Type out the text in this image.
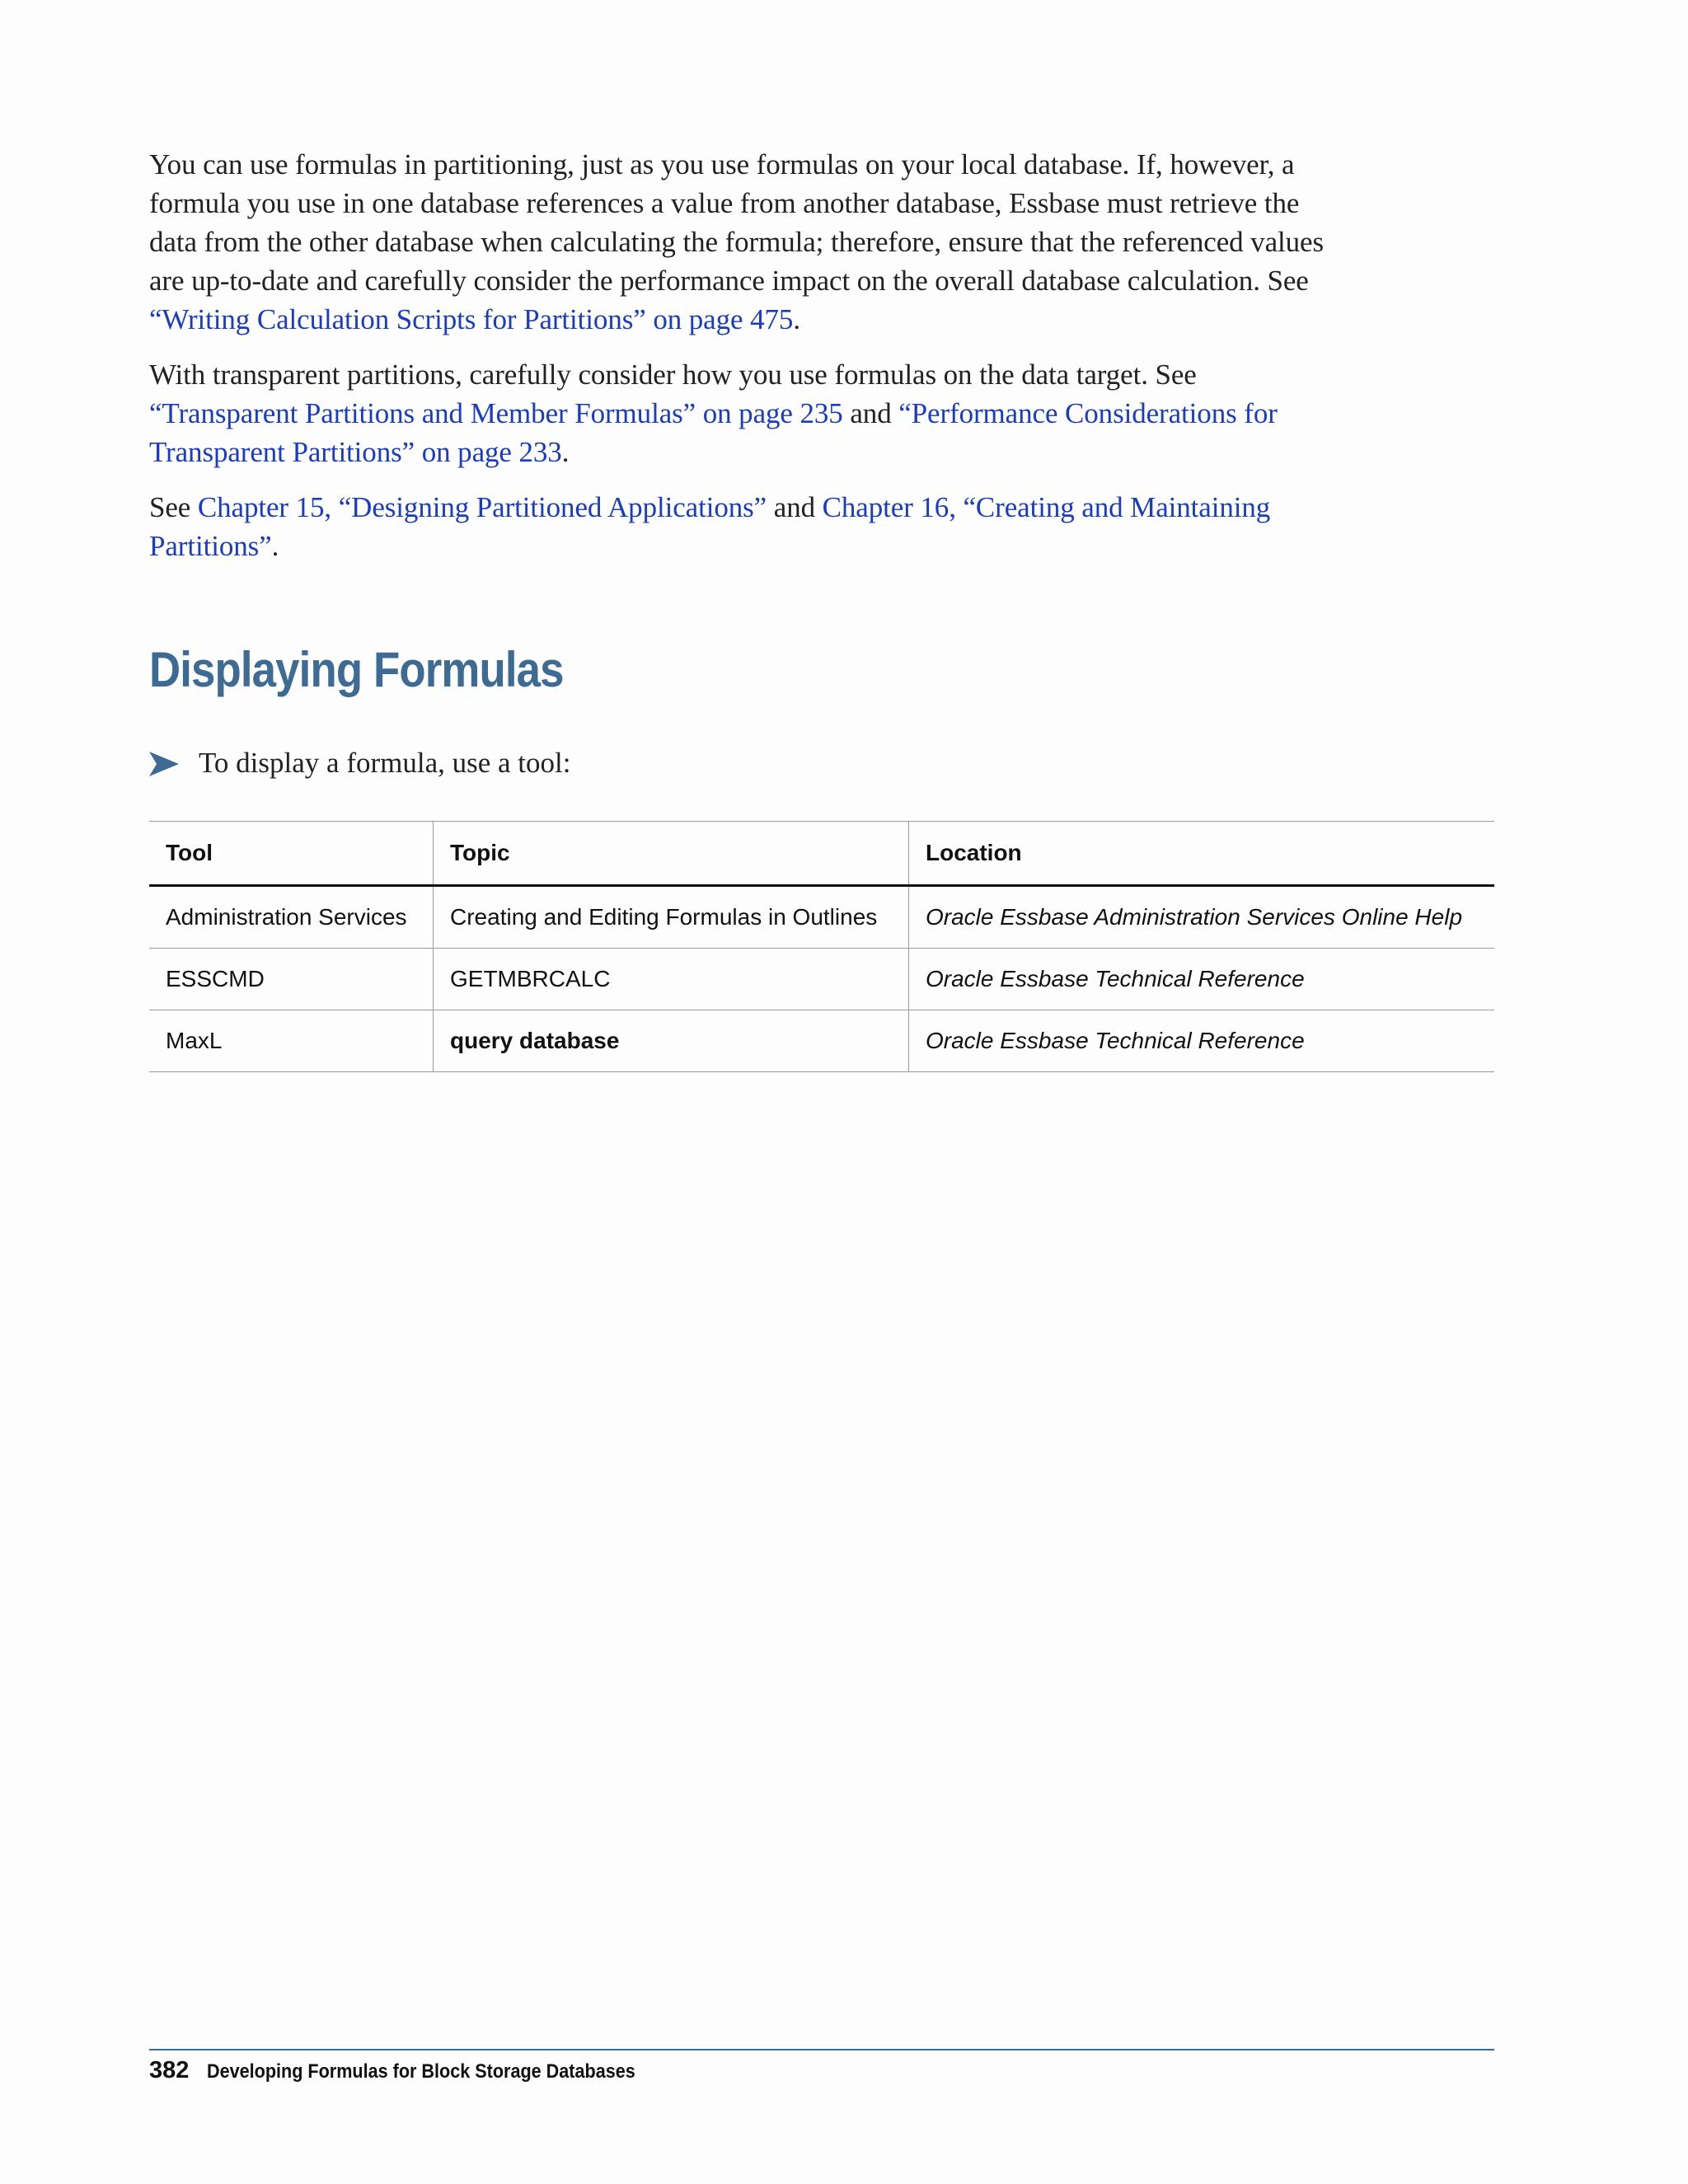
You can use formulas in partitioning, just as you use formulas on your local database. If, however, a formula you use in one database references a value from another database, Essbase must retrieve the data from the other database when calculating the formula; therefore, ensure that the referenced values are up-to-date and carefully consider the performance impact on the overall database calculation. See “Writing Calculation Scripts for Partitions” on page 475.

With transparent partitions, carefully consider how you use formulas on the data target. See “Transparent Partitions and Member Formulas” on page 235 and “Performance Considerations for Transparent Partitions” on page 233.

See Chapter 15, “Designing Partitioned Applications” and Chapter 16, “Creating and Maintaining Partitions”.

Displaying Formulas
To display a formula, use a tool:
Tool	Topic	Location
Administration Services	Creating and Editing Formulas in Outlines	Oracle Essbase Administration Services Online Help
ESSCMD	GETMBRCALC	Oracle Essbase Technical Reference
MaxL	query database	Oracle Essbase Technical Reference
382 Developing Formulas for Block Storage Databases
